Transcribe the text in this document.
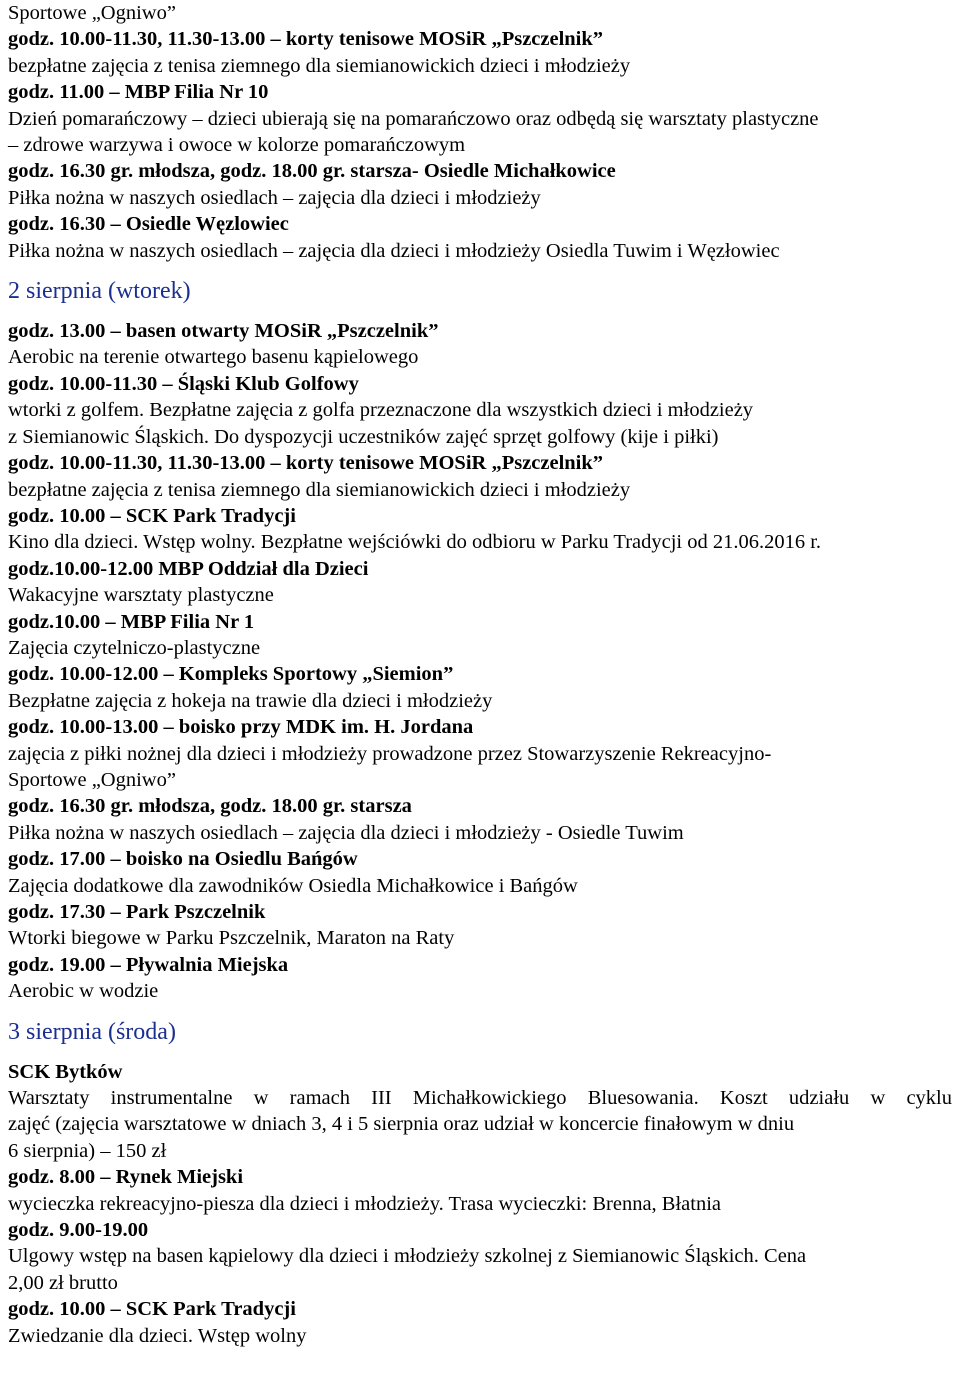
Sportowe „Ogniwo”
godz. 10.00-11.30, 11.30-13.00 – korty tenisowe MOSiR „Pszczelnik”
bezpłatne zajęcia z tenisa ziemnego dla siemianowickich dzieci i młodzieży
godz. 11.00 – MBP Filia Nr 10
Dzień pomarańczowy – dzieci ubierają się na pomarańczowo oraz odbędą się warsztaty plastyczne
– zdrowe warzywa i owoce w kolorze pomarańczowym
godz. 16.30 gr. młodsza, godz. 18.00 gr. starsza- Osiedle Michałkowice
Piłka nożna w naszych osiedlach – zajęcia dla dzieci i młodzieży
godz. 16.30 – Osiedle Węzlowiec
Piłka nożna w naszych osiedlach – zajęcia dla dzieci i młodzieży Osiedla Tuwim i Węzłowiec
2 sierpnia (wtorek)
godz. 13.00 – basen otwarty MOSiR „Pszczelnik”
Aerobic na terenie otwartego basenu kąpielowego
godz. 10.00-11.30 – Śląski Klub Golfowy
wtorki z golfem. Bezpłatne zajęcia z golfa przeznaczone dla wszystkich dzieci i młodzieży
z Siemianowic Śląskich. Do dyspozycji uczestników zajęć sprzęt golfowy (kije i piłki)
godz. 10.00-11.30, 11.30-13.00 – korty tenisowe MOSiR „Pszczelnik”
bezpłatne zajęcia z tenisa ziemnego dla siemianowickich dzieci i młodzieży
godz. 10.00 – SCK Park Tradycji
Kino dla dzieci. Wstęp wolny. Bezpłatne wejściówki do odbioru w Parku Tradycji od 21.06.2016 r.
godz.10.00-12.00 MBP Oddział dla Dzieci
Wakacyjne warsztaty plastyczne
godz.10.00 – MBP Filia Nr 1
Zajęcia czytelniczo-plastyczne
godz. 10.00-12.00 – Kompleks Sportowy „Siemion”
Bezpłatne zajęcia z hokeja na trawie dla dzieci i młodzieży
godz. 10.00-13.00 – boisko przy MDK im. H. Jordana
zajęcia z piłki nożnej dla dzieci i młodzieży prowadzone przez Stowarzyszenie Rekreacyjno-
Sportowe „Ogniwo”
godz. 16.30 gr. młodsza, godz. 18.00 gr. starsza
Piłka nożna w naszych osiedlach – zajęcia dla dzieci i młodzieży - Osiedle Tuwim
godz. 17.00 – boisko na Osiedlu Bańgów
Zajęcia dodatkowe dla zawodników Osiedla Michałkowice i Bańgów
godz. 17.30 – Park Pszczelnik
Wtorki biegowe w Parku Pszczelnik, Maraton na Raty
godz. 19.00 – Pływalnia Miejska
Aerobic w wodzie
3 sierpnia (środa)
SCK Bytków
Warsztaty instrumentalne w ramach III Michałkowickiego Bluesowania. Koszt udziału w cyklu
zajęć (zajęcia warsztatowe w dniach 3, 4 i 5 sierpnia oraz udział w koncercie finałowym w dniu
6 sierpnia) – 150 zł
godz. 8.00 – Rynek Miejski
wycieczka rekreacyjno-piesza dla dzieci i młodzieży. Trasa wycieczki: Brenna, Błatnia
godz. 9.00-19.00
Ulgowy wstęp na basen kąpielowy dla dzieci i młodzieży szkolnej z Siemianowic Śląskich. Cena
2,00 zł brutto
godz. 10.00 – SCK Park Tradycji
Zwiedzanie dla dzieci. Wstęp wolny
